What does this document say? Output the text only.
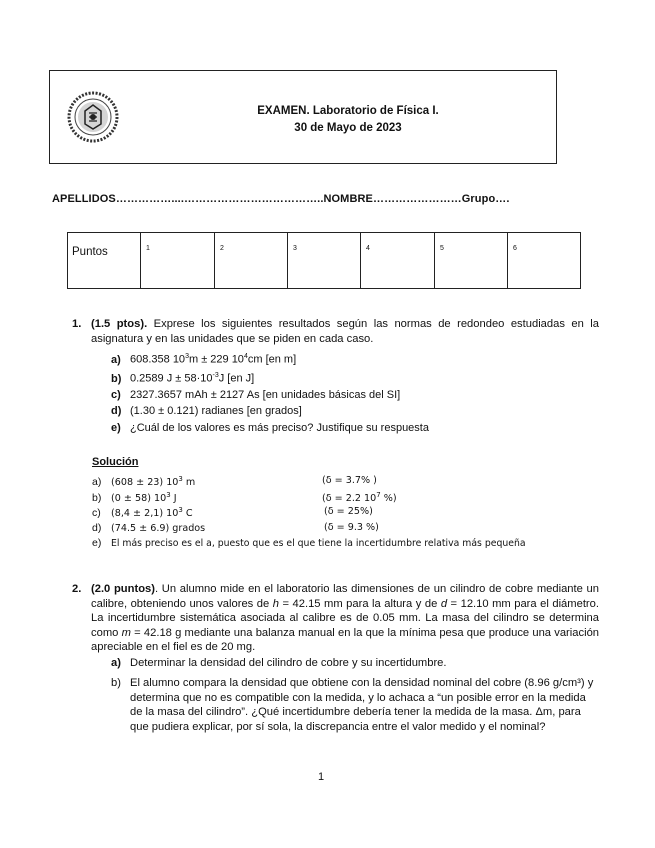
EXAMEN. Laboratorio de Física I.
30 de Mayo de 2023
APELLIDOS……………....………………………………..NOMBRE……………………Grupo….
Puntos	1	2	3	4	5	6
1. (1.5 ptos). Exprese los siguientes resultados según las normas de redondeo estudiadas en la asignatura y en las unidades que se piden en cada caso.
a) 608.358 $10^3m \pm 229$ $10^4cm$ [en m]
b) 0.2589 $J \pm 58\cdot 10^{-3}J$ [en J]
c) 2327.3657 mAh ± 2127 As [en unidades básicas del SI]
d) (1.30 ± 0.121) radianes [en grados]
e) ¿Cuál de los valores es más preciso? Justifique su respuesta
Solución
a) (608 ± 23) $10^3$ m	(δ = 3.7% )
b) (0 ± 58) $10^3$ J	(δ = 2.2 $10^7$ %)
c) (8,4 ± 2,1) $10^3$ C	(δ = 25%)
d) (74.5 ± 6.9) grados	(δ = 9.3 %)
e) El más preciso es el a, puesto que es el que tiene la incertidumbre relativa más pequeña
2. (2.0 puntos). Un alumno mide en el laboratorio las dimensiones de un cilindro de cobre mediante un calibre, obteniendo unos valores de h = 42.15 mm para la altura y de d = 12.10 mm para el diámetro. La incertidumbre sistemática asociada al calibre es de 0.05 mm. La masa del cilindro se determina como m = 42.18 g mediante una balanza manual en la que la mínima pesa que produce una variación apreciable en el fiel es de 20 mg.
a) Determinar la densidad del cilindro de cobre y su incertidumbre.
b) El alumno compara la densidad que obtiene con la densidad nominal del cobre (8.96 g/cm³) y determina que no es compatible con la medida, y lo achaca a “un posible error en la medida de la masa del cilindro”. ¿Qué incertidumbre debería tener la medida de la masa. Δm, para que pudiera explicar, por sí sola, la discrepancia entre el valor medido y el nominal?
1
